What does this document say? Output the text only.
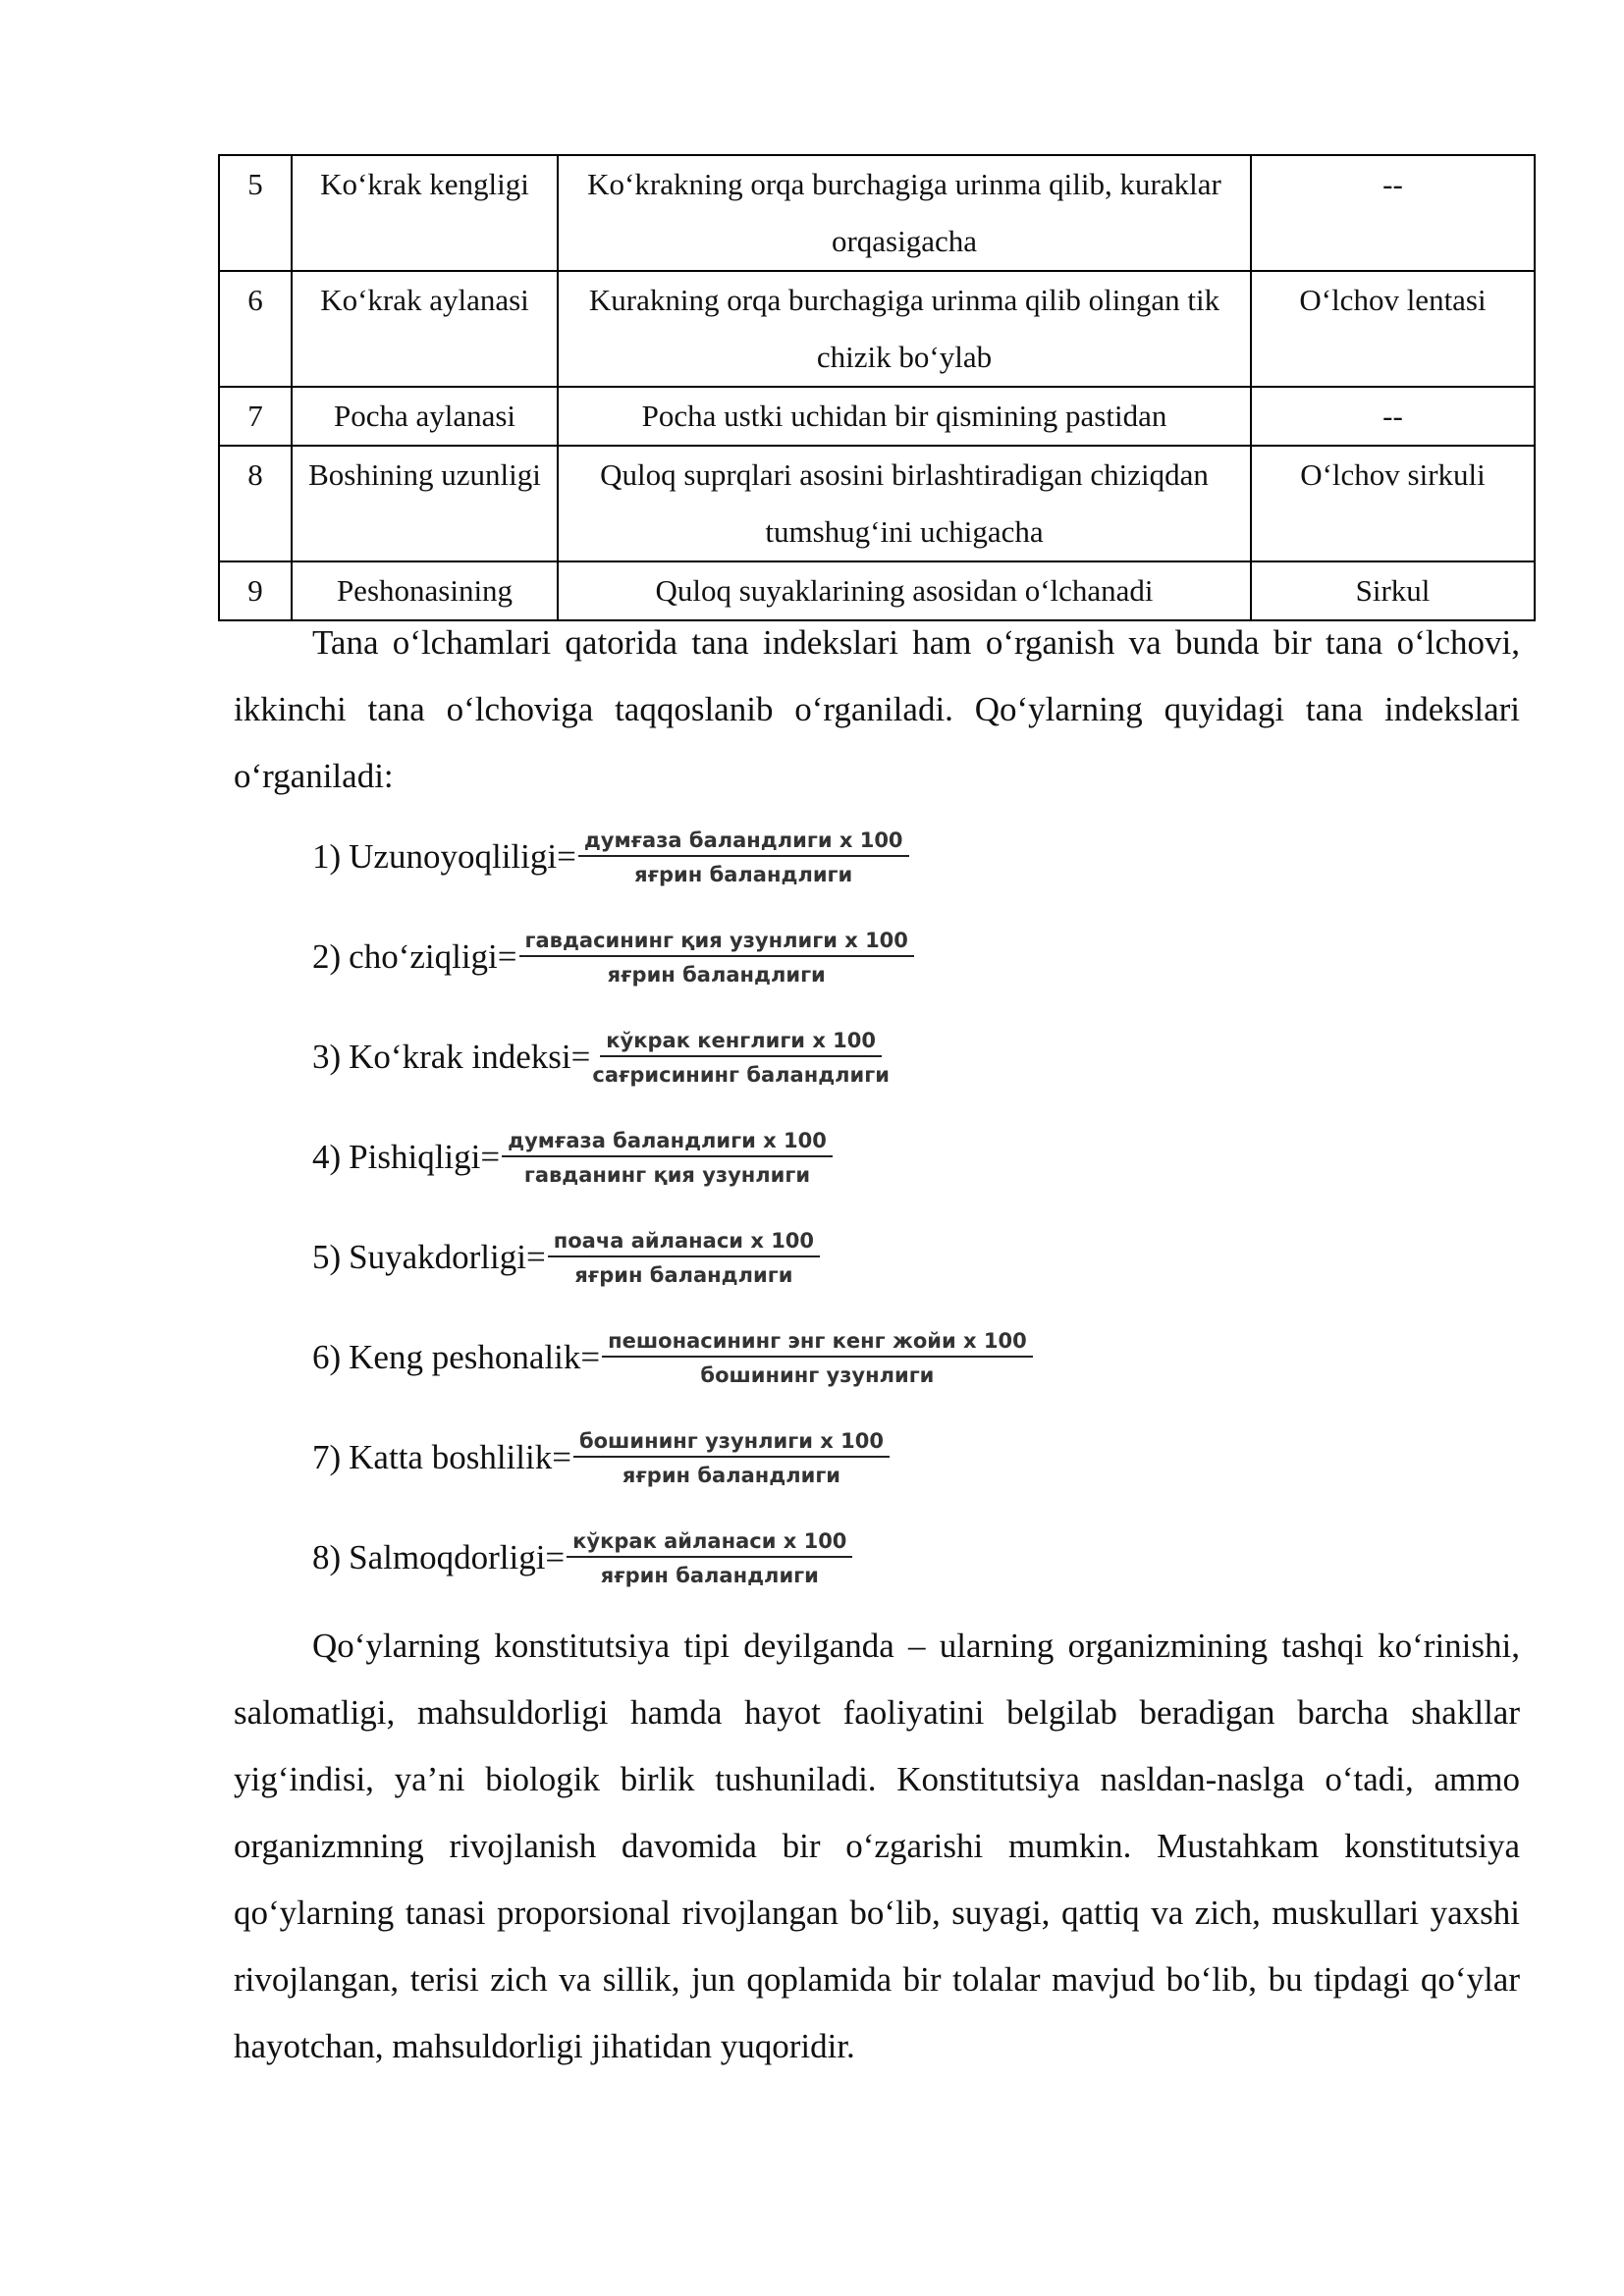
5	Ko‘krak kengligi	Ko‘krakning orqa burchagiga urinma qilib, kuraklar orqasigacha	--
6	Ko‘krak aylanasi	Kurakning orqa burchagiga urinma qilib olingan tik chizik bo‘ylab	O‘lchov lentasi
7	Pocha aylanasi	Pocha ustki uchidan bir qismining pastidan	--
8	Boshining uzunligi	Quloq suprqlari asosini birlashtiradigan chiziqdan tumshug‘ini uchigacha	O‘lchov sirkuli
9	Peshonasining	Quloq suyaklarining asosidan o‘lchanadi	Sirkul

Tana o‘lchamlari qatorida tana indekslari ham o‘rganish va bunda bir tana o‘lchovi, ikkinchi tana o‘lchoviga taqqoslanib o‘rganiladi. Qo‘ylarning quyidagi tana indekslari o‘rganiladi:

1) Uzunoyoqliligi= $\frac{\text{думғаза баландлиги х 100}}{\text{яғрин баландлиги}}$
2) cho‘ziqligi= $\frac{\text{гавдасининг қия узунлиги х 100}}{\text{яғрин баландлиги}}$
3) Ko‘krak indeksi= $\frac{\text{кўкрак кенглиги х 100}}{\text{сағрисининг баландлиги}}$
4) Pishiqligi= $\frac{\text{думғаза баландлиги х 100}}{\text{гавданинг қия узунлиги}}$
5) Suyakdorligi= $\frac{\text{поача айланаси х 100}}{\text{яғрин баландлиги}}$
6) Keng peshonalik= $\frac{\text{пешонасининг энг кенг жойи х 100}}{\text{бошининг узунлиги}}$
7) Katta boshlilik= $\frac{\text{бошининг узунлиги х 100}}{\text{яғрин баландлиги}}$
8) Salmoqdorligi= $\frac{\text{кўкрак айланаси х 100}}{\text{яғрин баландлиги}}$

Qo‘ylarning konstitutsiya tipi deyilganda – ularning organizmining tashqi ko‘rinishi, salomatligi, mahsuldorligi hamda hayot faoliyatini belgilab beradigan barcha shakllar yig‘indisi, ya’ni biologik birlik tushuniladi. Konstitutsiya nasldan-naslga o‘tadi, ammo organizmning rivojlanish davomida bir o‘zgarishi mumkin. Mustahkam konstitutsiya qo‘ylarning tanasi proporsional rivojlangan bo‘lib, suyagi, qattiq va zich, muskullari yaxshi rivojlangan, terisi zich va sillik, jun qoplamida bir tolalar mavjud bo‘lib, bu tipdagi qo‘ylar hayotchan, mahsuldorligi jihatidan yuqoridir.
